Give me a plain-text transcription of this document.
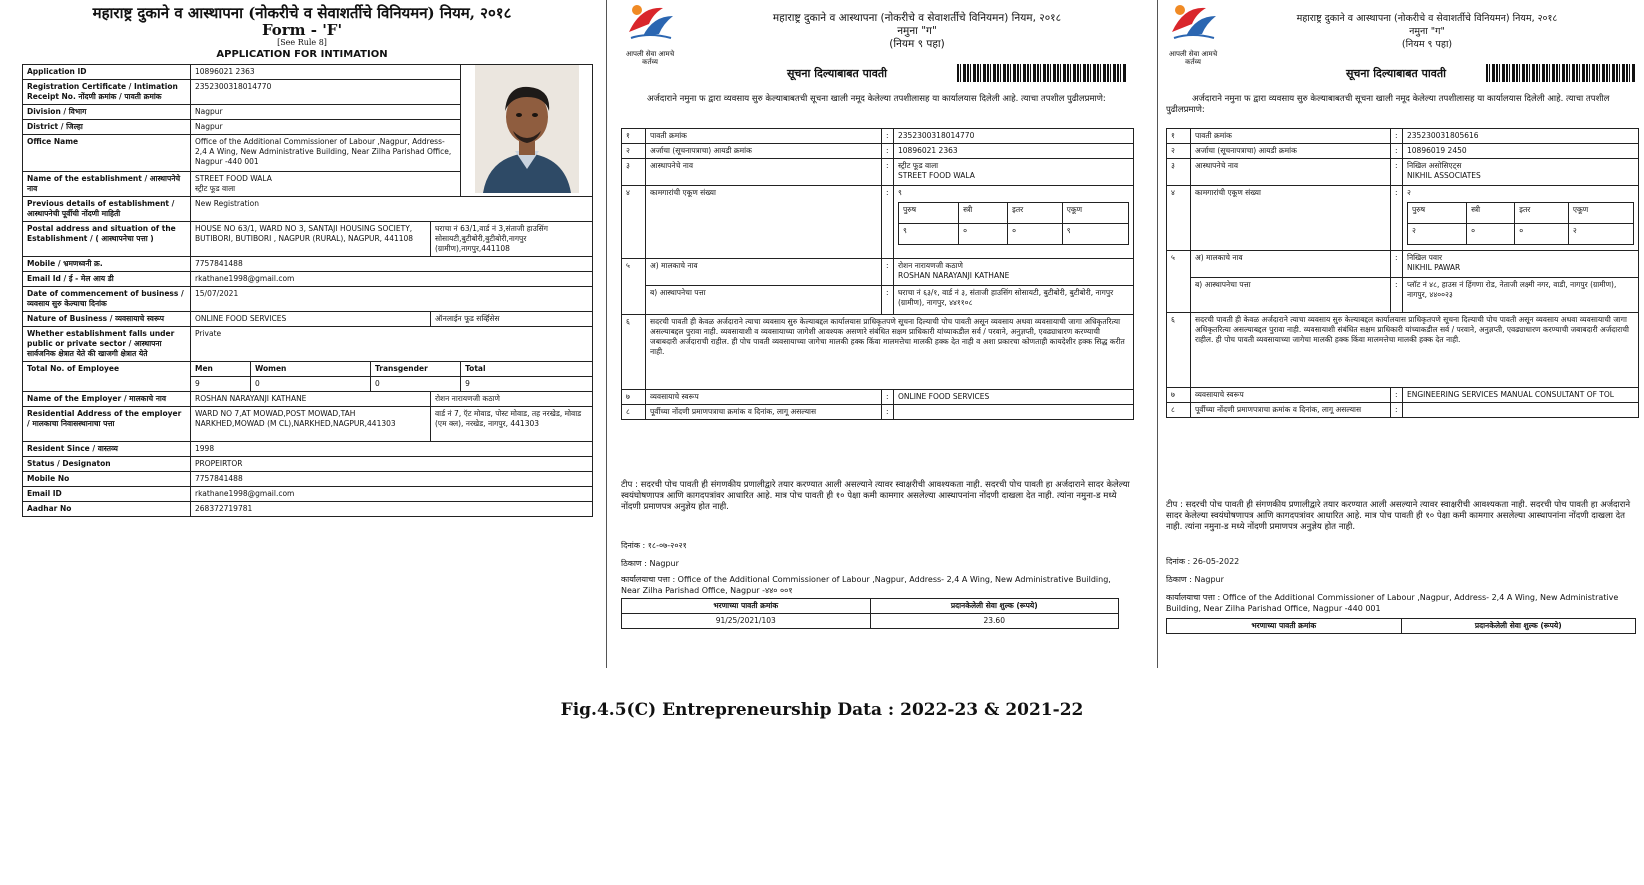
महाराष्ट्र दुकाने व आस्थापना (नोकरीचे व सेवाशर्तीचे विनियमन) नियम, २०१८
Form - 'F'
[See Rule 8]
APPLICATION FOR INTIMATION
Application ID	10896021 2363	

Registration Certificate / Intimation Receipt No. नोंदणी क्रमांक / पावती क्रमांक	2352300318014770				
Division / विभाग	Nagpur				
District / जिल्हा	Nagpur				
Office Name	Office of the Additional Commissioner of Labour ,Nagpur, Address- 2,4 A Wing, New Administrative Building, Near Zilha Parishad Office, Nagpur -440 001				
Name of the establishment / आस्थापनेचे नाव	STREET FOOD WALA
स्ट्रीट फूड वाला				

Previous details of establishment / आस्थापनेची पूर्वीची नोंदणी माहिती	New Registration				
Postal address and situation of the Establishment / ( आस्थापनेचा पत्ता )	HOUSE NO 63/1, WARD NO 3, SANTAJI HOUSING SOCIETY, BUTIBORI, BUTIBORI , NAGPUR (RURAL), NAGPUR, 441108			घराचा नं 63/1,वार्ड नं 3,संताजी हाउसिंग सोसायटी,बुटीबोरी,बुटीबोरी,नागपुर (ग्रामीण),नागपुर,441108	
Mobile / भ्रमणध्वनी क्र.	7757841488				
Email Id / ई - मेल आय डी	rkathane1998@gmail.com				
Date of commencement of business / व्यवसाय सुरु केल्याचा दिनांक	15/07/2021				
Nature of Business / व्यवसायाचे स्वरूप	ONLINE FOOD SERVICES			ऑनलाईन फूड सर्व्हिसेस	
Whether establishment falls under public or private sector / आस्थापना सार्वजनिक क्षेत्रात येते की खाजगी क्षेत्रात येते	Private				
Total No. of Employee	Men	Women	Transgender		Total
	9	0	0		9
Name of the Employer / मालकाचे नाव	ROSHAN NARAYANJI KATHANE			रोशन नारायणजी कठाणे	
Residential Address of the employer / मालकाचा निवासस्थानाचा पत्ता	WARD NO 7,AT MOWAD,POST MOWAD,TAH NARKHED,MOWAD (M CL),NARKHED,NAGPUR,441303			वार्ड नं 7, ऍट मोवाड, पोस्ट मोवाड, तह नरखेड, मोवाड (एम क्ल), नरखेड, नागपुर, 441303	
Resident Since / वास्तव्य	1998				
Status / Designaton	PROPEIRTOR				
Mobile No	7757841488				
Email ID	rkathane1998@gmail.com				
Aadhar No	268372719781				
आपली सेवा आमचे कर्तव्य
महाराष्ट्र दुकाने व आस्थापना (नोकरीचे व सेवाशर्तीचे विनियमन) नियम, २०१८
नमुना "ग"
(नियम ९ पहा)
सूचना दिल्याबाबत पावती
अर्जदाराने नमुना फ द्वारा व्यवसाय सुरु केल्याबाबतची सूचना खाली नमूद केलेल्या तपशीलासह या कार्यालयास दिलेली आहे. त्याचा तपशील पुढीलप्रमाणे:
१	पावती क्रमांक	:	2352300318014770
२	अर्जाचा (सूचनापत्राचा) आयडी क्रमांक	:	10896021 2363
३	आस्थापनेचे नाव	:	स्ट्रीट फूड वाला
STREET FOOD WALA

४	कामगारांची एकूण संख्या	:	९
पुरुष	स्त्री	इतर	एकूण
९	०	०	९

५	अ) मालकाचे नाव	:	रोशन नारायणजी कठाणे
ROSHAN NARAYANJI KATHANE

ब) आस्थापनेचा पत्ता	:	घराचा नं ६३/१, वार्ड नं ३, संताजी हाउसिंग सोसायटी, बुटीबोरी, बुटीबोरी, नागपुर (ग्रामीण), नागपुर, ४४११०८
६	सदरची पावती ही केवळ अर्जदाराने त्याचा व्यवसाय सुरु केल्याबद्दल कार्यालयास प्राधिकृतपणे सूचना दिल्याची पोच पावती असून व्यवसाय अथवा व्यवसायाची जागा अधिकृतरित्या असल्याबद्दल पुरावा नाही. व्यवसायाशी व व्यवसायाच्या जागेशी आवश्यक असणारे संबंधित सक्षम प्राधिकारी यांच्याकडील सर्व / परवाने, अनुज्ञप्ती, एवढ्याधारण करण्याची जबाबदारी अर्जदाराची राहील. ही पोच पावती व्यवसायाच्या जागेचा मालकी हक्क किंवा मालमत्तेचा मालकी हक्क देत नाही व अशा प्रकारचा कोणताही कायदेशीर हक्क सिद्ध करीत नाही.
७	व्यवसायाचे स्वरूप	:	ONLINE FOOD SERVICES
८	पूर्वीच्या नोंदणी प्रमाणपत्राचा क्रमांक व दिनांक, लागू असल्यास	:	
टीप : सदरची पोच पावती ही संगणकीय प्रणालीद्वारे तयार करण्यात आली असल्याने त्यावर स्वाक्षरीची आवश्यकता नाही. सदरची पोच पावती हा अर्जदाराने सादर केलेल्या स्वयंघोषणापत्र आणि कागदपत्रांवर आधारित आहे. मात्र पोच पावती ही १० पेक्षा कमी कामगार असलेल्या आस्थापनांना नोंदणी दाखला देत नाही. त्यांना नमुना-ड मध्ये नोंदणी प्रमाणपत्र अनुज्ञेय होत नाही.
दिनांक : १८-०७-२०२१
ठिकाण : Nagpur
कार्यालयाचा पत्ता : Office of the Additional Commissioner of Labour ,Nagpur, Address- 2,4 A Wing, New Administrative Building, Near Zilha Parishad Office, Nagpur -४४० ००१
भरणाच्या पावती क्रमांक	प्रदानकेलेली सेवा शुल्क (रूपये)
91/25/2021/103	23.60
आपली सेवा आमचे कर्तव्य
महाराष्ट्र दुकाने व आस्थापना (नोकरीचे व सेवाशर्तीचे विनियमन) नियम, २०१८
नमुना "ग"
(नियम ९ पहा)
सूचना दिल्याबाबत पावती
अर्जदाराने नमुना फ द्वारा व्यवसाय सुरु केल्याबाबतची सूचना खाली नमूद केलेल्या तपशीलासह या कार्यालयास दिलेली आहे. त्याचा तपशील पुढीलप्रमाणे:
१	पावती क्रमांक	:	235230031805616
२	अर्जाचा (सूचनापत्राचा) आयडी क्रमांक	:	10896019 2450
३	आस्थापनेचे नाव	:	निखिल असोसिएट्स
NIKHIL ASSOCIATES

४	कामगारांची एकूण संख्या	:	२
पुरुष	स्त्री	इतर	एकूण
२	०	०	२

५	अ) मालकाचे नाव	:	निखिल पवार
NIKHIL PAWAR

ब) आस्थापनेचा पत्ता	:	प्लॉट नं ४८, हाउस नं हिंगणा रोड, नेताजी लक्ष्मी नगर, वाडी, नागपुर (ग्रामीण), नागपुर, ४४००२३
६	सदरची पावती ही केवळ अर्जदाराने त्याचा व्यवसाय सुरु केल्याबद्दल कार्यालयास प्राधिकृतपणे सूचना दिल्याची पोच पावती असून व्यवसाय अथवा व्यवसायाची जागा अधिकृतरित्या असल्याबद्दल पुरावा नाही. व्यवसायाशी संबंधित सक्षम प्राधिकारी यांच्याकडील सर्व / परवाने, अनुज्ञप्ती, एवढ्याधारण करण्याची जबाबदारी अर्जदाराची राहील. ही पोच पावती व्यवसायाच्या जागेचा मालकी हक्क किंवा मालमत्तेचा मालकी हक्क देत नाही.
७	व्यवसायाचे स्वरूप	:	ENGINEERING SERVICES MANUAL CONSULTANT OF TOL
८	पूर्वीच्या नोंदणी प्रमाणपत्राचा क्रमांक व दिनांक, लागू असल्यास	:	
टीप : सदरची पोच पावती ही संगणकीय प्रणालीद्वारे तयार करण्यात आली असल्याने त्यावर स्वाक्षरीची आवश्यकता नाही. सदरची पोच पावती हा अर्जदाराने सादर केलेल्या स्वयंघोषणापत्र आणि कागदपत्रांवर आधारित आहे. मात्र पोच पावती ही १० पेक्षा कमी कामगार असलेल्या आस्थापनांना नोंदणी दाखला देत नाही. त्यांना नमुना-ड मध्ये नोंदणी प्रमाणपत्र अनुज्ञेय होत नाही.
दिनांक : 26-05-2022
ठिकाण : Nagpur
कार्यालयाचा पत्ता : Office of the Additional Commissioner of Labour ,Nagpur, Address- 2,4 A Wing, New Administrative Building, Near Zilha Parishad Office, Nagpur -440 001
भरणाच्या पावती क्रमांक	प्रदानकेलेली सेवा शुल्क (रूपये)
Fig.4.5(C) Entrepreneurship Data : 2022-23 & 2021-22
